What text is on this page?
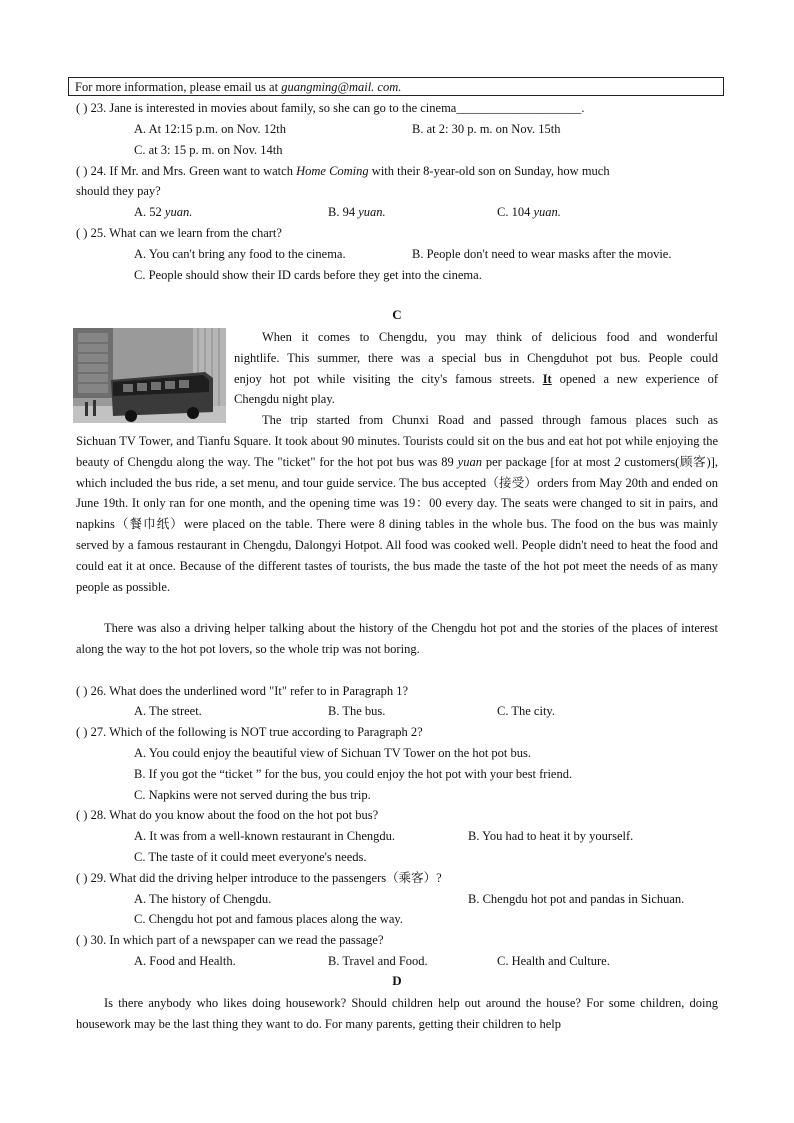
For more information, please email us at guangming@mail. com.
( ) 23. Jane is interested in movies about family, so she can go to the cinema____________________.
A. At 12:15 p.m. on Nov. 12th	B. at 2: 30 p. m. on Nov. 15th
C. at 3: 15 p. m. on Nov. 14th
( ) 24. If Mr. and Mrs. Green want to watch Home Coming with their 8-year-old son on Sunday, how much
should they pay?
A. 52 yuan.	B. 94 yuan.	C. 104 yuan.
( ) 25. What can we learn from the chart?
A. You can't bring any food to the cinema.	B. People don't need to wear masks after the movie.
C. People should show their ID cards before they get into the cinema.
C
When it comes to Chengdu, you may think of delicious food and wonderful
nightlife. This summer, there was a special bus in Chengduhot pot bus. People could
enjoy hot pot while visiting the city's famous streets. It opened a new experience of
Chengdu night play.
The trip started from Chunxi Road and passed through famous places such as
Sichuan TV Tower, and Tianfu Square. It took about 90 minutes. Tourists could sit on the bus and eat hot pot while enjoying the beauty of Chengdu along the way. The "ticket" for the hot pot bus was 89 yuan per package [for at most 2 customers(顾客)], which included the bus ride, a set menu, and tour guide service. The bus accepted（接受）orders from May 20th and ended on June 19th. It only ran for one month, and the opening time was 19：00 every day. The seats were changed to sit in pairs, and napkins（餐巾纸）were placed on the table. There were 8 dining tables in the whole bus. The food on the bus was mainly served by a famous restaurant in Chengdu, Dalongyi Hotpot. All food was cooked well. People didn't need to heat the food and could eat it at once. Because of the different tastes of tourists, the bus made the taste of the hot pot meet the needs of as many people as possible.
There was also a driving helper talking about the history of the Chengdu hot pot and the stories of the places of interest along the way to the hot pot lovers, so the whole trip was not boring.
( ) 26. What does the underlined word "It" refer to in Paragraph 1?
A. The street.	B. The bus.	C. The city.
( ) 27. Which of the following is NOT true according to Paragraph 2?
A. You could enjoy the beautiful view of Sichuan TV Tower on the hot pot bus.
B. If you got the “ticket ” for the bus, you could enjoy the hot pot with your best friend.
C. Napkins were not served during the bus trip.
( ) 28. What do you know about the food on the hot pot bus?
A. It was from a well-known restaurant in Chengdu.	B. You had to heat it by yourself.
C. The taste of it could meet everyone's needs.
( ) 29. What did the driving helper introduce to the passengers（乘客）?
A. The history of Chengdu.	B. Chengdu hot pot and pandas in Sichuan.
C. Chengdu hot pot and famous places along the way.
( ) 30. In which part of a newspaper can we read the passage?
A. Food and Health.	B. Travel and Food.	C. Health and Culture.
D
Is there anybody who likes doing housework? Should children help out around the house? For some children, doing housework may be the last thing they want to do. For many parents, getting their children to help
